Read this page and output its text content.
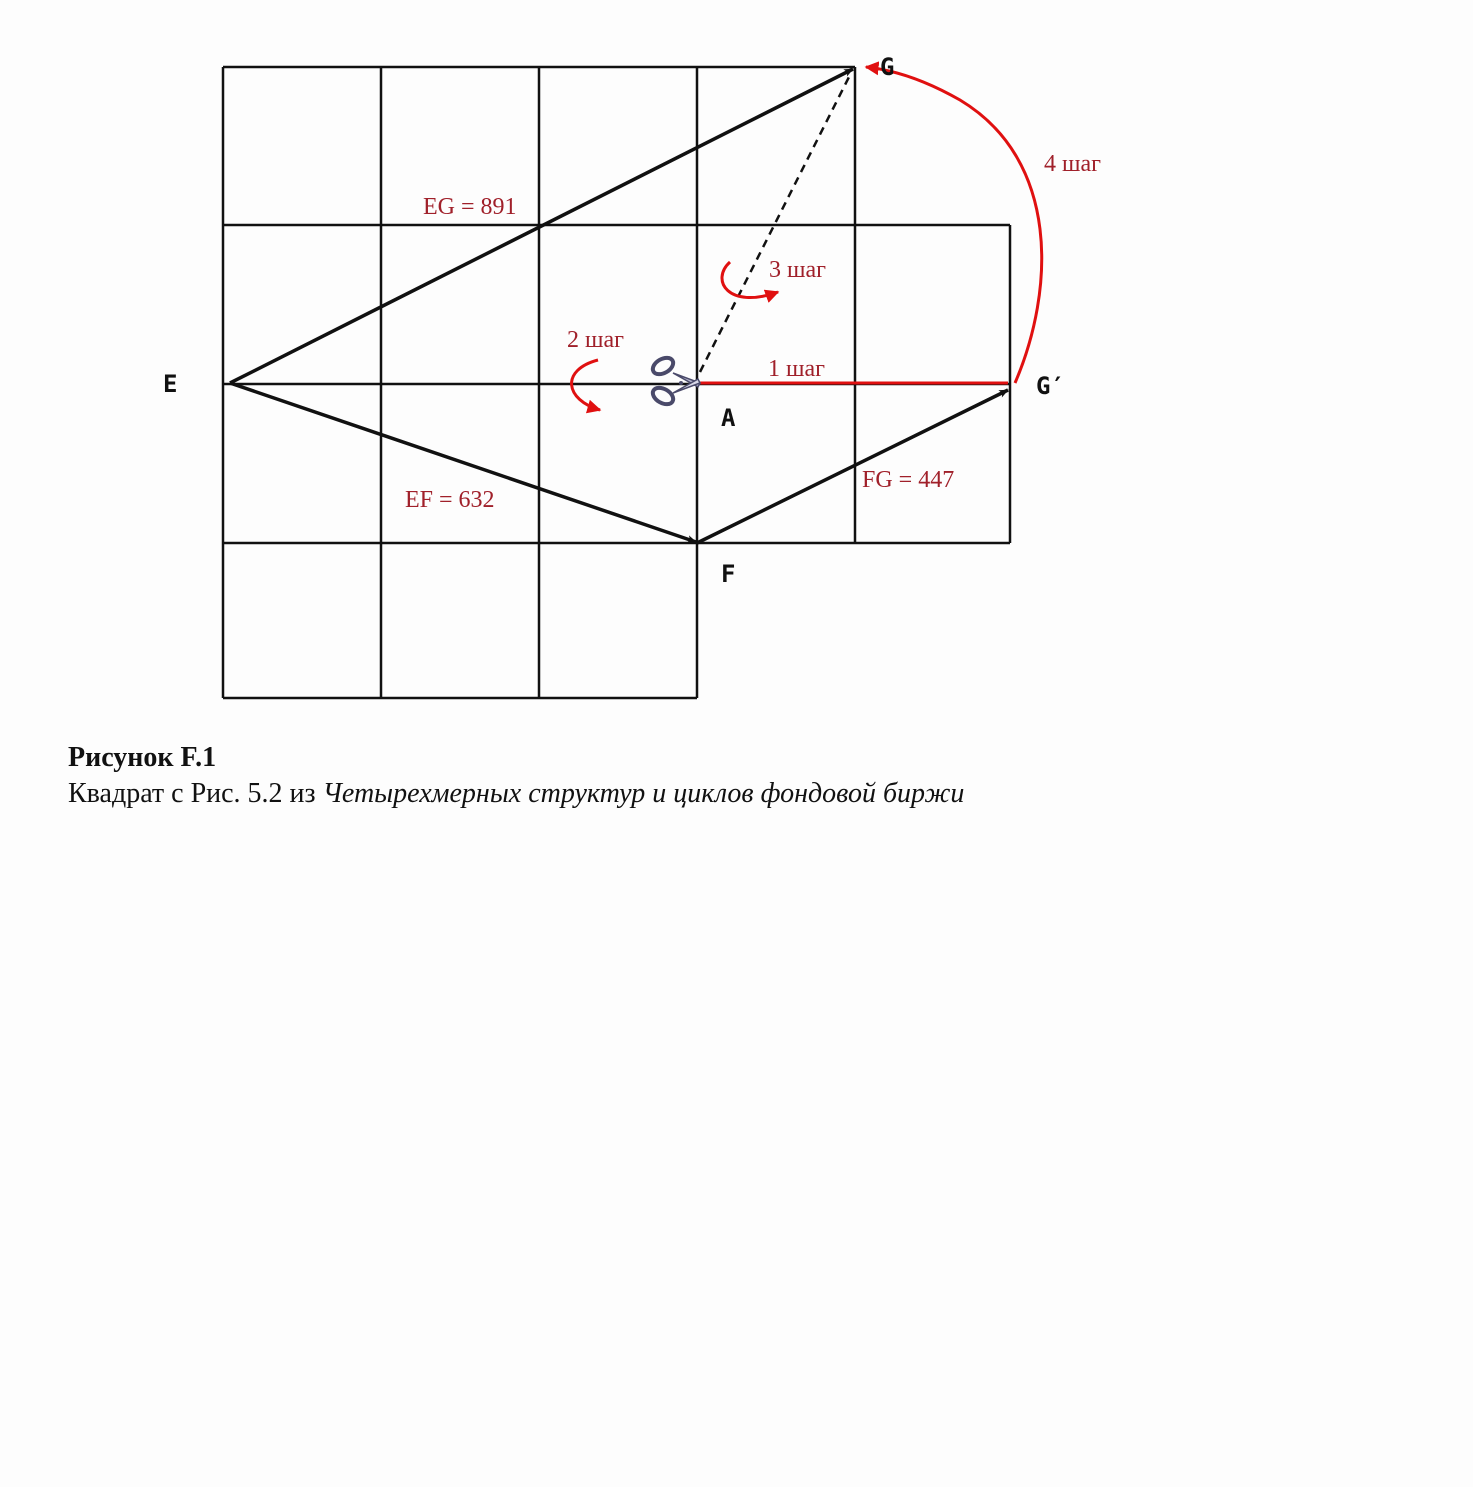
E
A
F
G
G′
EG = 891
EF = 632
FG = 447
1 шаг
2 шаг
3 шаг
4 шаг
Рисунок F.1
Квадрат с Рис. 5.2 из Четырехмерных структур и циклов фондовой биржи
